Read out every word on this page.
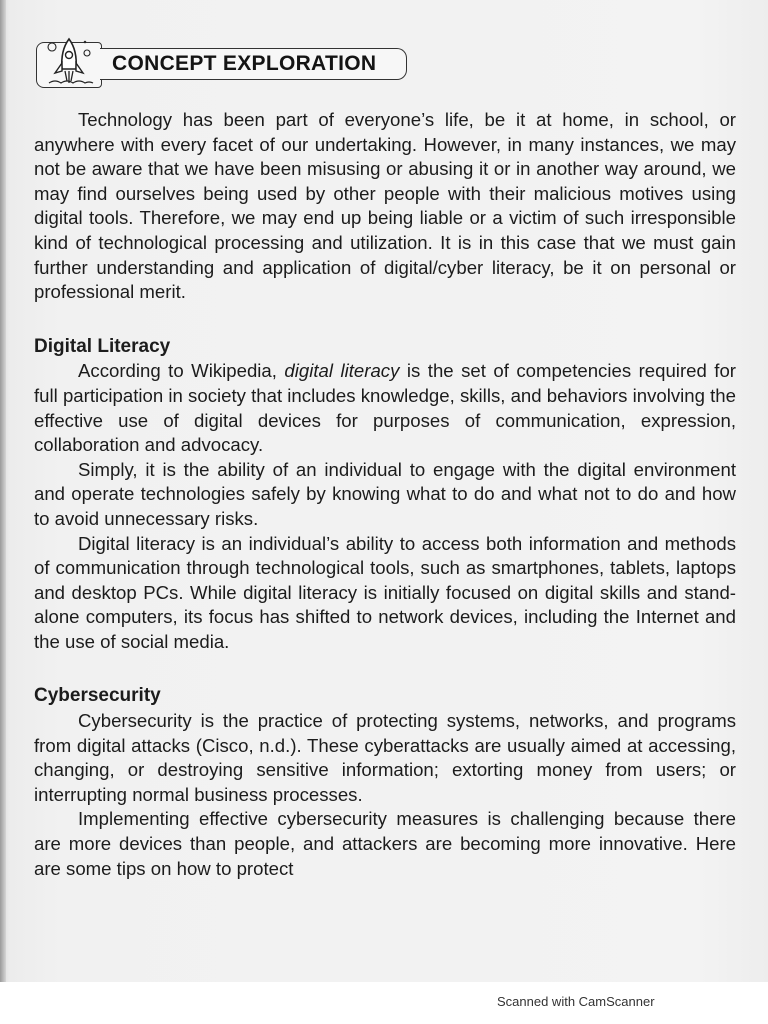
CONCEPT EXPLORATION

Technology has been part of everyone’s life, be it at home, in school, or anywhere with every facet of our undertaking. However, in many instances, we may not be aware that we have been misusing or abusing it or in another way around, we may find ourselves being used by other people with their malicious motives using digital tools. Therefore, we may end up being liable or a victim of such irresponsible kind of technological processing and utilization. It is in this case that we must gain further understanding and application of digital/cyber literacy, be it on personal or professional merit.

Digital Literacy

According to Wikipedia, digital literacy is the set of competencies required for full participation in society that includes knowledge, skills, and behaviors involving the effective use of digital devices for purposes of communication, expression, collaboration and advocacy.

Simply, it is the ability of an individual to engage with the digital environment and operate technologies safely by knowing what to do and what not to do and how to avoid unnecessary risks.

Digital literacy is an individual’s ability to access both information and methods of communication through technological tools, such as smartphones, tablets, laptops and desktop PCs. While digital literacy is initially focused on digital skills and stand-alone computers, its focus has shifted to network devices, including the Internet and the use of social media.

Cybersecurity

Cybersecurity is the practice of protecting systems, networks, and programs from digital attacks (Cisco, n.d.). These cyberattacks are usually aimed at accessing, changing, or destroying sensitive information; extorting money from users; or interrupting normal business processes.

Implementing effective cybersecurity measures is challenging because there are more devices than people, and attackers are becoming more innovative. Here are some tips on how to protect

Scanned with CamScanner
